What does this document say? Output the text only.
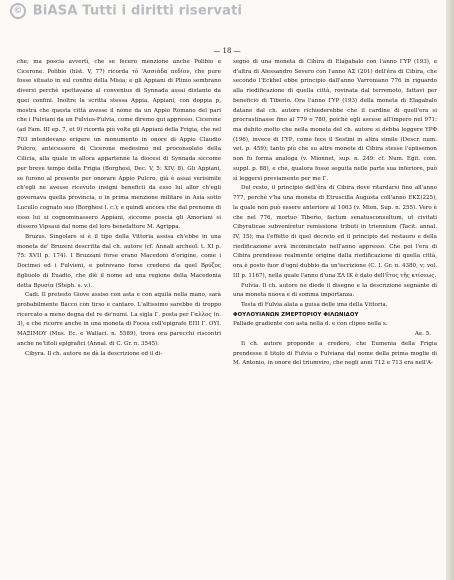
© BiASA Tutti i diritti riservati
— 18 —

che; ma poscia avvertì, che se fecero menzione anche Polibio e Cicerone. Polibio (hist. V, 77) ricorda τό 'Ασσιάδα πεδίον, che pure fosse situato in sul confini della Misia; e gli Appiani di Plinio sembrano diversi perchè spettavano al conventus di Synnada assai distante da quei confini. Inoltre la scritta stessa Appia, Appiani, con doppia p, mostra che questa città avesse il nome da un Appio Romano del pari che i Fulviani da un Fulvius-Fulvia, come diremo qui appresso. Cicerone (ad Fam. III ep. 7, et 9) ricorda più volte gli Appiani della Frigia, che nel 703 intendevano erigere un monumento in onore di Appio Claudio Pulcro, antecessore di Cicerone medesimo nel proconsolato della Cilicia, alla quale in allora appartenne la diocesi di Synnada siccome per breve tempo della Frigia (Borghesi, Dec. V, 5: XIV, 8). Gli Appiani, se furono al presente per onorare Appio Pulcro, già è assai verisimile ch'egli ne avesse ricevuto insigni beneficii da esso lui allor ch'egli governava quella provincia, o in prima menzione militare in Asia sotto Lucullo cognato suo (Borghesi l. c.); e quindi ancora che dal prenome di esso lui si cognominassero Appiani, siccome poscia gli Amoriani si dissero Vipsaui dal nome del loro benefattore M. Agrippa.

Bruzus. Singolare si è il tipo della Vittoria assisa ch'ebbe in una moneta de' Bruzeni descritta dal ch. autore (cf. Annali archeol. t. XI p. 75: XVII p. 174). I Bruzzani forse erano Macedoni d'origine, come i Docimei ed i Fulvieni, e potrevano forse credersi da quel Βρύζος figliuolo di Euadio, che diè il nome ad una regione della Macedonia detta Βρυσία (Steph. s. v.).

Cadi. Il pretesto Giove assiso con asta e con aquila nella mano, sarà probabilmente Bacco con tirso e cantaro. L'altissimo sarebbe di troppo ricercato a meno degna del re de'numi. La sigla Γ. posta per Γαλλος (n. 3), e che ricorre anche in una moneta di Focea coll'epigrafe ΕΠΙ Γ. ΟΥΙ. ΜΑΞΙΜΟΥ (Mus. Ec. e Wallaci. n. 5589), trova ora parecchi riscontri anche ne'titoli epigrafici (Annal. di C. Gr. n. 3545).

Cibyra. Il ch. autore ne dà la descrizione ed il di-

segno di una moneta di Cibira di Elagabalo con l'anno ΓΥΡ (193), e d'altra di Alessandro Severo con l'anno ΑΣ (201) dell'êra di Cibira, che secondo l'Eckhel ebbe principio dall'anno Varroniano 776 in riguardo alla riedificazione di quella città, rovinata dal terremoto, fattavi per beneficio di Tiberio. Ora l'anno ΓΥΡ (193) della moneta di Elagabalo datane dal ch. autore richiederebbe che il cardine di quell'era si procrastinasse fino al 779 o 780, poichè egli ascese all'impero nel 971: ma dubito molto che nella moneta del ch. autore si debba leggere ΥΡΦ (196), invece di ΓΥΡ, come fece il Sestini in altra simile (Descr. num. vet. p. 459); tanto più che su altre monete di Cibira stesse l'epiisemon non fu forma analoga (v. Mionnet, sup. n. 249: cf. Num. Egit. com. suppl. p. 88), e che, qualora fosse seguita nelle parte sua inferiore, può sì leggersi previamente per me Γ.

Del resto, il principio dell'êra di Cibira deve ritardarsi fino all'anno 777, perchè v'ha una moneta di Etruscilla Augusta coll'anno ΕΚΣ(225), la quale non può essere anteriore al 1003 (v. Mion. Sup. n. 255). Vero è che nel 776, mortuo Tiberio, factum senatusconsultum, ut civitati Cibyraticae subveniretur remissione tributi in triennium (Tacit. annal. IV, 15); ma l'effetto di quel decreto ed il principio del restauro e della riedificazione avrà incominciato nell'anno appresso. Che poi l'era di Cibira prendesse realmente origine dalla riedificazione di quella città, ora è posto fuor d'ogni dubbio da un'iscrizione (C. I. Gr. n. 4380, v; vol. III p. 1167), nella quale l'anno d'una ΞΛ ΙΚ è dato dell'ἔτος τῆς κτίσεως.

Fulvia. Il ch. autore ne diede il disegno e la descrizione segnante di una moneta nuova e di somma importanza.

Testa di Fulvia alata a guisa delle ima della Vittoria.

ΦΟΥΛΟΥΙΑΝΩΝ ΖΜΕΡΤΟΡΙΟΥ ΦΙΛΩΝΙΔΟΥ

Pallade gradiente con asta nella d. e con clipeo nella s.

Ae. 5.

Il ch. autore proponde a credere, che Eumenia della Frigia prendesse il titolo di Fulvia o Fulviana dal nome della prima moglie di M. Antonio, in onore del triumviro, che negli anni 712 e 713 era nell'A-
